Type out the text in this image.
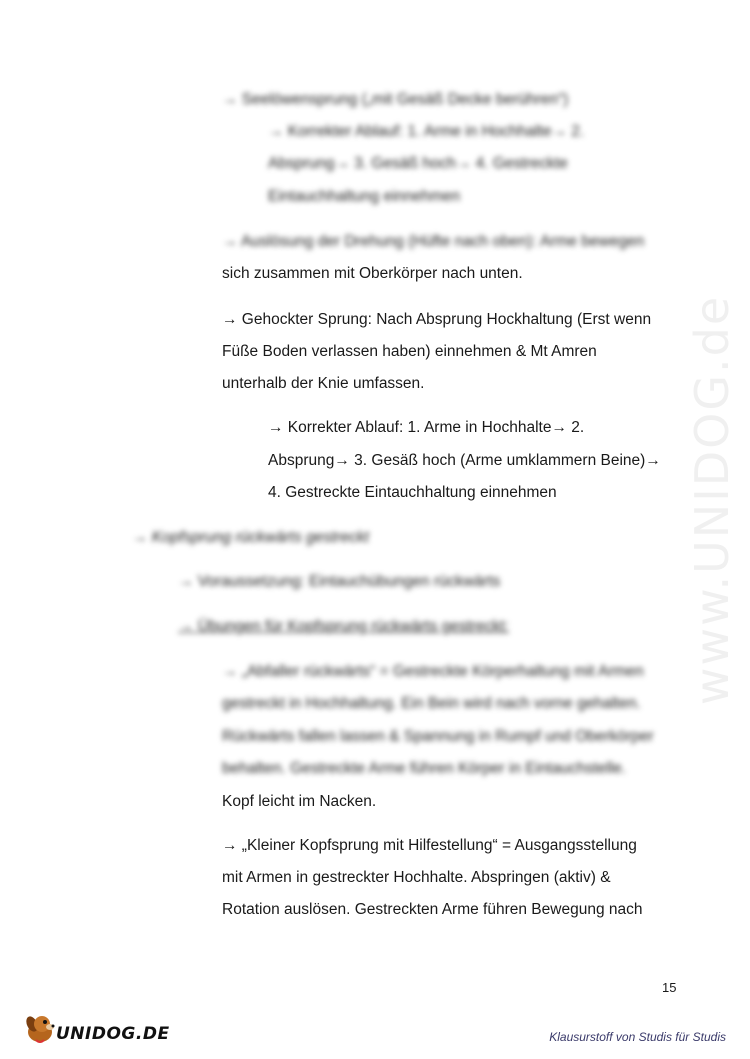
www.UNIDOG.de
→ Seelöwensprung („mit Gesäß Decke berühren“)
→ Korrekter Ablauf: 1. Arme in Hochhalte→ 2.
Absprung→ 3. Gesäß hoch→ 4. Gestreckte
Eintauchhaltung einnehmen
→ Auslösung der Drehung (Hüfte nach oben): Arme bewegen
sich zusammen mit Oberkörper nach unten.
→ Gehockter Sprung: Nach Absprung Hockhaltung (Erst wenn
Füße Boden verlassen haben) einnehmen & Mt Amren
unterhalb der Knie umfassen.
→ Korrekter Ablauf: 1. Arme in Hochhalte→ 2.
Absprung→ 3. Gesäß hoch (Arme umklammern Beine)→
4. Gestreckte Eintauchhaltung einnehmen
→ Kopfsprung rückwärts gestreckt
→ Voraussetzung: Eintauchübungen rückwärts
→ Übungen für Kopfsprung rückwärts gestreckt:
→ „Abfaller rückwärts“ = Gestreckte Körperhaltung mit Armen
gestreckt in Hochhaltung. Ein Bein wird nach vorne gehalten.
Rückwärts fallen lassen & Spannung in Rumpf und Oberkörper
behalten. Gestreckte Arme führen Körper in Eintauchstelle.
Kopf leicht im Nacken.
→ „Kleiner Kopfsprung mit Hilfestellung“ = Ausgangsstellung
mit Armen in gestreckter Hochhalte. Abspringen (aktiv) &
Rotation auslösen. Gestreckten Arme führen Bewegung nach
15
UNIDOG.DE	Klausurstoff von Studis für Studis
